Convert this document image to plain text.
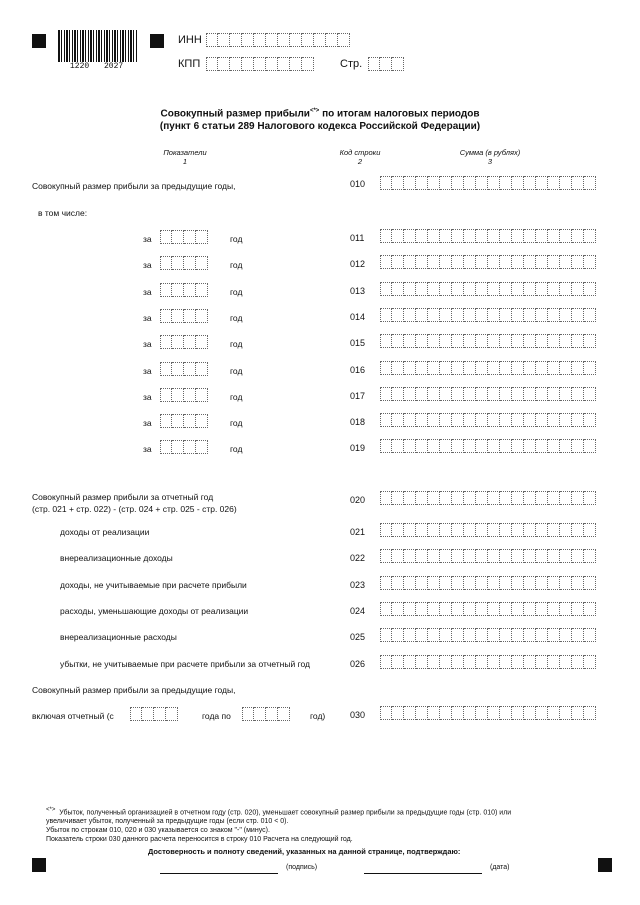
1220 2027
ИНН
КПП	Стр.
Совокупный размер прибыли<*> по итогам налоговых периодов
(пункт 6 статьи 289 Налогового кодекса Российской Федерации)
Показатели
1
Код строки
2
Сумма (в рублях)
3
Совокупный размер прибыли за предыдущие годы,	010
в том числе:
за	год	011
за	год	012
за	год	013
за	год	014
за	год	015
за	год	016
за	год	017
за	год	018
за	год	019
Совокупный размер прибыли за отчетный год
(стр. 021 + стр. 022) - (стр. 024 + стр. 025 - стр. 026)
020
доходы от реализации	021
внереализационные доходы	022
доходы, не учитываемые при расчете прибыли	023
расходы, уменьшающие доходы от реализации	024
внереализационные расходы	025
убытки, не учитываемые при расчете прибыли за отчетный год	026
Совокупный размер прибыли за предыдущие годы,
включая отчетный (с	года по	год)	030
<*> Убыток, полученный организацией в отчетном году (стр. 020), уменьшает совокупный размер прибыли за предыдущие годы (стр. 010) или
увеличивает убыток, полученный за предыдущие годы (если стр. 010 < 0).
Убыток по строкам 010, 020 и 030 указывается со знаком "-" (минус).
Показатель строки 030 данного расчета переносится в строку 010 Расчета на следующий год.
Достоверность и полноту сведений, указанных на данной странице, подтверждаю:
(подпись)	(дата)
